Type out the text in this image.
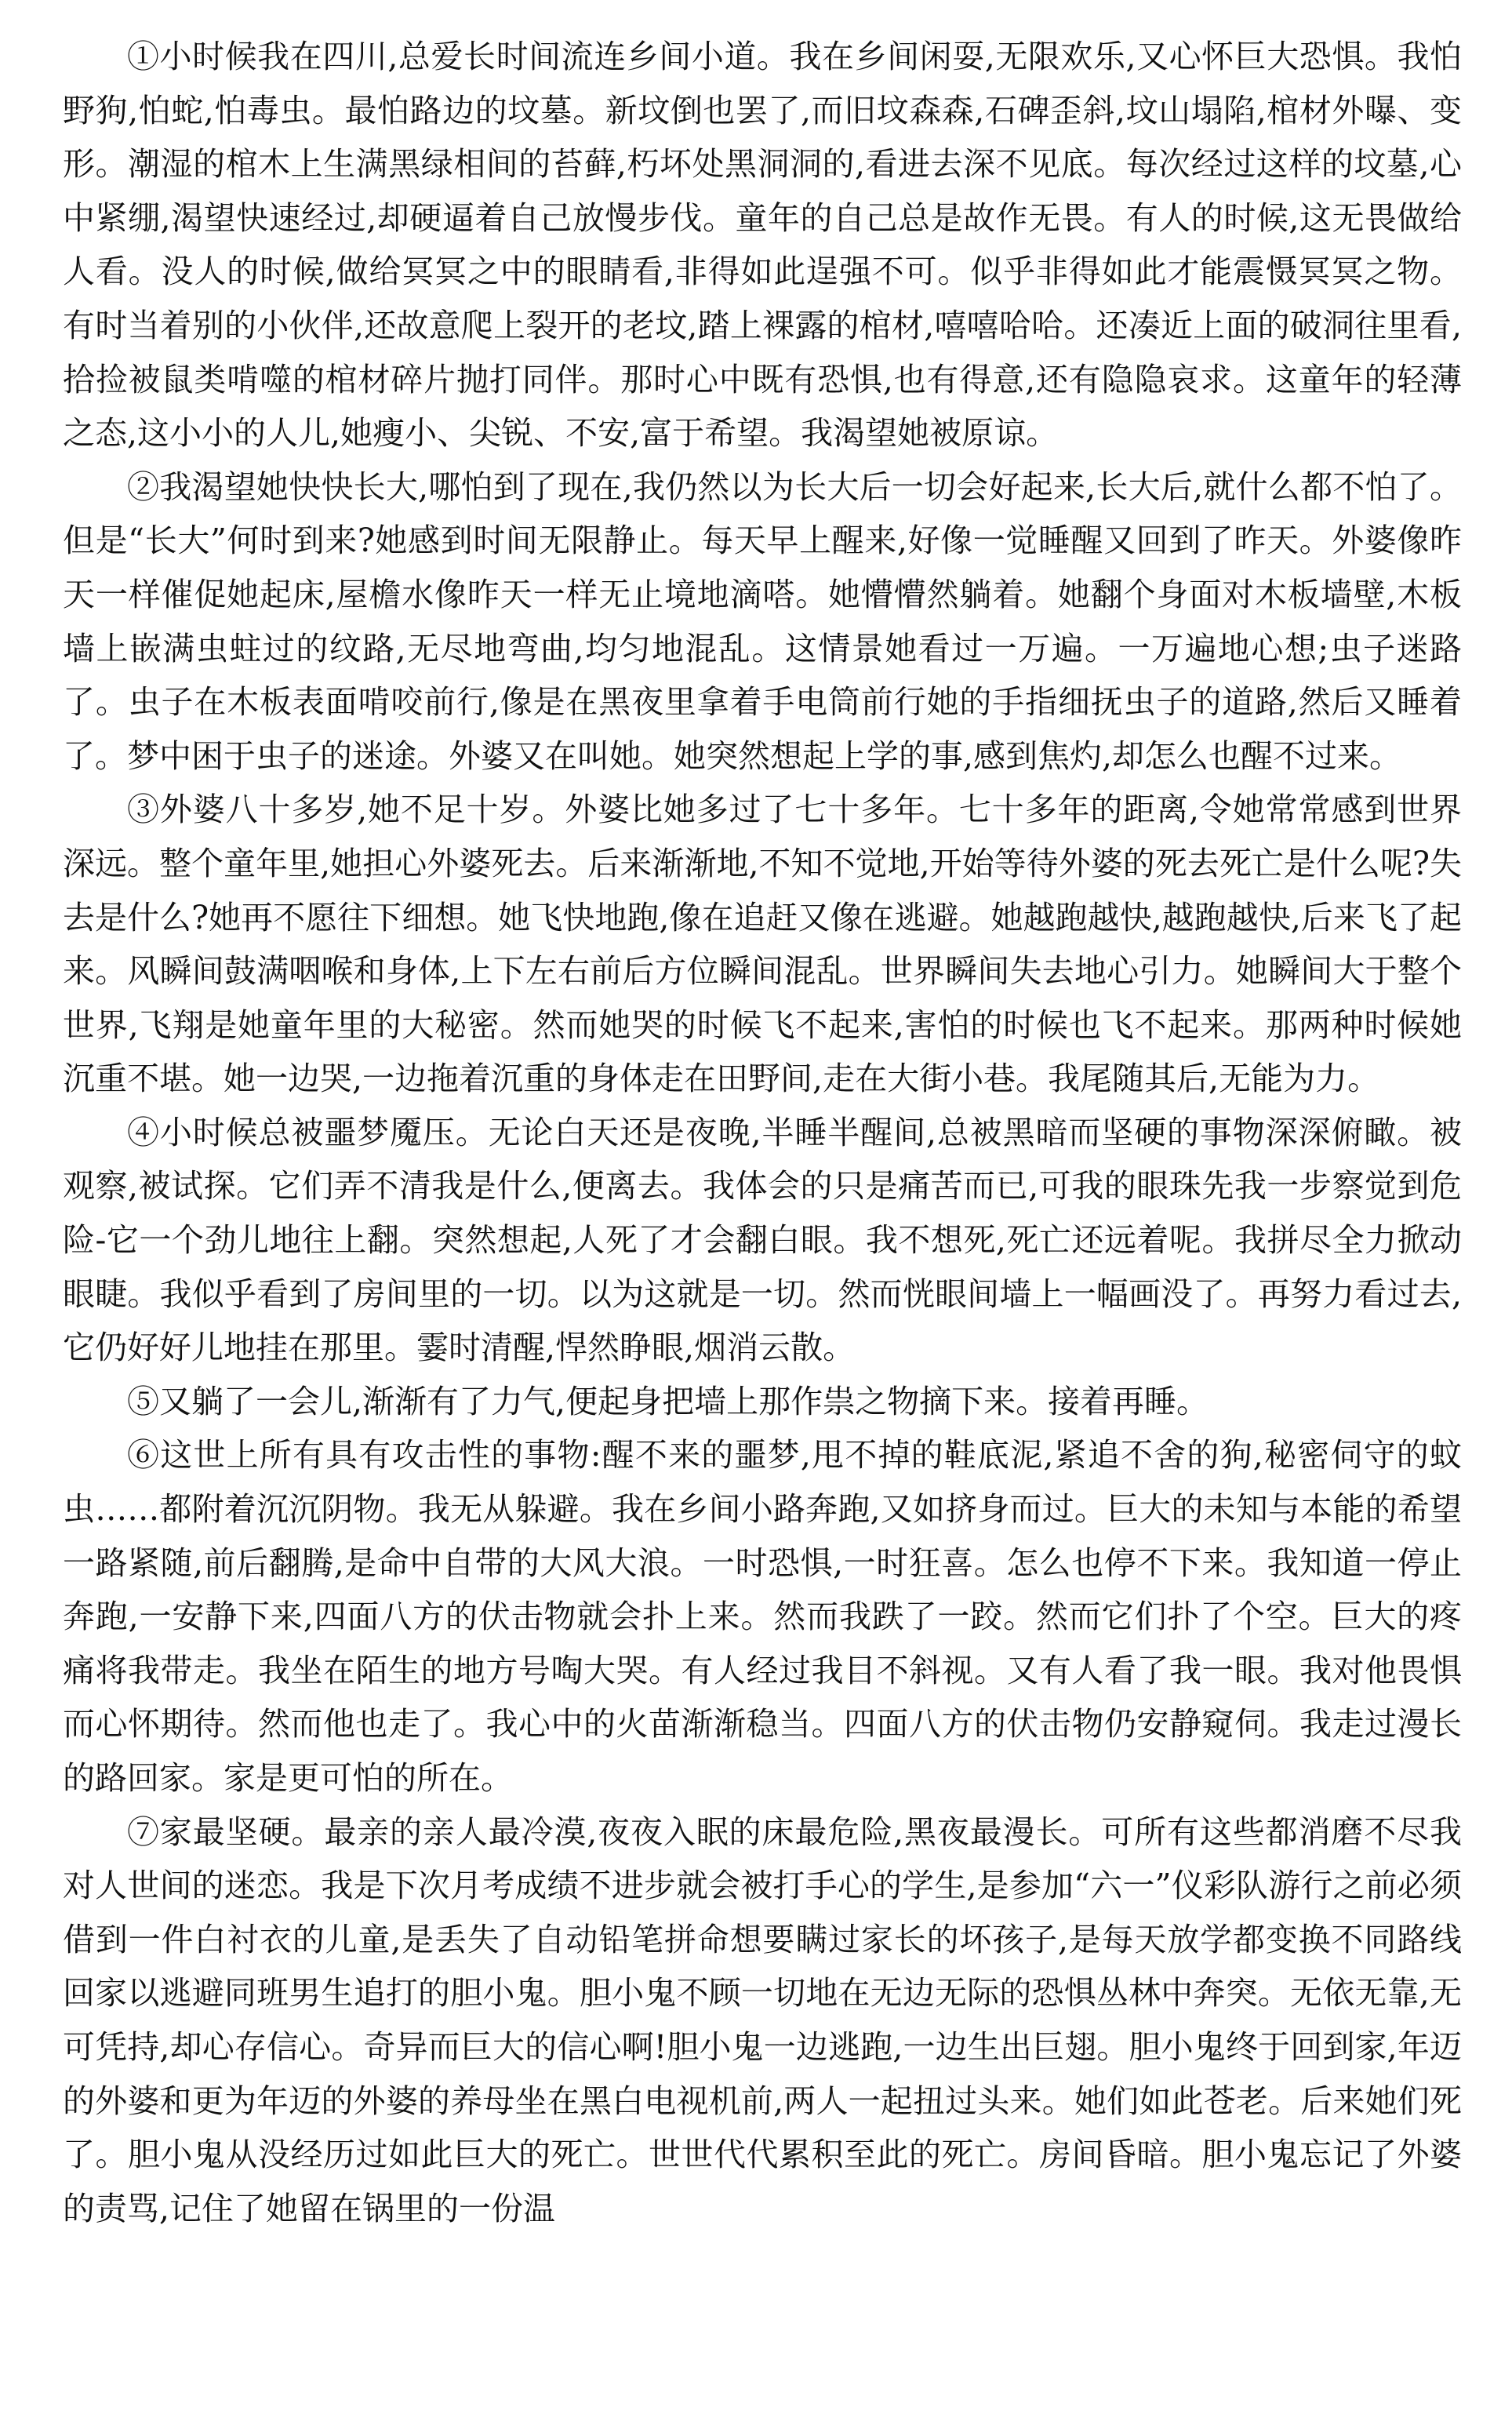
①小时候我在四川,总爱长时间流连乡间小道。我在乡间闲耍,无限欢乐,又心怀巨大恐惧。我怕野狗,怕蛇,怕毒虫。最怕路边的坟墓。新坟倒也罢了,而旧坟森森,石碑歪斜,坟山塌陷,棺材外曝、变形。潮湿的棺木上生满黑绿相间的苔藓,朽坏处黑洞洞的,看进去深不见底。每次经过这样的坟墓,心中紧绷,渴望快速经过,却硬逼着自己放慢步伐。童年的自己总是故作无畏。有人的时候,这无畏做给人看。没人的时候,做给冥冥之中的眼睛看,非得如此逞强不可。似乎非得如此才能震慑冥冥之物。有时当着别的小伙伴,还故意爬上裂开的老坟,踏上裸露的棺材,嘻嘻哈哈。还凑近上面的破洞往里看,拾捡被鼠类啃噬的棺材碎片抛打同伴。那时心中既有恐惧,也有得意,还有隐隐哀求。这童年的轻薄之态,这小小的人儿,她瘦小、尖锐、不安,富于希望。我渴望她被原谅。

②我渴望她快快长大,哪怕到了现在,我仍然以为长大后一切会好起来,长大后,就什么都不怕了。但是“长大”何时到来?她感到时间无限静止。每天早上醒来,好像一觉睡醒又回到了昨天。外婆像昨天一样催促她起床,屋檐水像昨天一样无止境地滴嗒。她懵懵然躺着。她翻个身面对木板墙壁,木板墙上嵌满虫蛀过的纹路,无尽地弯曲,均匀地混乱。这情景她看过一万遍。一万遍地心想;虫子迷路了。虫子在木板表面啃咬前行,像是在黑夜里拿着手电筒前行她的手指细抚虫子的道路,然后又睡着了。梦中困于虫子的迷途。外婆又在叫她。她突然想起上学的事,感到焦灼,却怎么也醒不过来。

③外婆八十多岁,她不足十岁。外婆比她多过了七十多年。七十多年的距离,令她常常感到世界深远。整个童年里,她担心外婆死去。后来渐渐地,不知不觉地,开始等待外婆的死去死亡是什么呢?失去是什么?她再不愿往下细想。她飞快地跑,像在追赶又像在逃避。她越跑越快,越跑越快,后来飞了起来。风瞬间鼓满咽喉和身体,上下左右前后方位瞬间混乱。世界瞬间失去地心引力。她瞬间大于整个世界,飞翔是她童年里的大秘密。然而她哭的时候飞不起来,害怕的时候也飞不起来。那两种时候她沉重不堪。她一边哭,一边拖着沉重的身体走在田野间,走在大街小巷。我尾随其后,无能为力。

④小时候总被噩梦魇压。无论白天还是夜晚,半睡半醒间,总被黑暗而坚硬的事物深深俯瞰。被观察,被试探。它们弄不清我是什么,便离去。我体会的只是痛苦而已,可我的眼珠先我一步察觉到危险-它一个劲儿地往上翻。突然想起,人死了才会翻白眼。我不想死,死亡还远着呢。我拼尽全力掀动眼睫。我似乎看到了房间里的一切。以为这就是一切。然而恍眼间墙上一幅画没了。再努力看过去,它仍好好儿地挂在那里。霎时清醒,悍然睁眼,烟消云散。

⑤又躺了一会儿,渐渐有了力气,便起身把墙上那作祟之物摘下来。接着再睡。

⑥这世上所有具有攻击性的事物:醒不来的噩梦,甩不掉的鞋底泥,紧追不舍的狗,秘密伺守的蚊虫……都附着沉沉阴物。我无从躲避。我在乡间小路奔跑,又如挤身而过。巨大的未知与本能的希望一路紧随,前后翻腾,是命中自带的大风大浪。一时恐惧,一时狂喜。怎么也停不下来。我知道一停止奔跑,一安静下来,四面八方的伏击物就会扑上来。然而我跌了一跤。然而它们扑了个空。巨大的疼痛将我带走。我坐在陌生的地方号啕大哭。有人经过我目不斜视。又有人看了我一眼。我对他畏惧而心怀期待。然而他也走了。我心中的火苗渐渐稳当。四面八方的伏击物仍安静窥伺。我走过漫长的路回家。家是更可怕的所在。

⑦家最坚硬。最亲的亲人最冷漠,夜夜入眠的床最危险,黑夜最漫长。可所有这些都消磨不尽我对人世间的迷恋。我是下次月考成绩不进步就会被打手心的学生,是参加“六一”仪彩队游行之前必须借到一件白衬衣的儿童,是丢失了自动铅笔拼命想要瞒过家长的坏孩子,是每天放学都变换不同路线回家以逃避同班男生追打的胆小鬼。胆小鬼不顾一切地在无边无际的恐惧丛林中奔突。无依无靠,无可凭持,却心存信心。奇异而巨大的信心啊!胆小鬼一边逃跑,一边生出巨翅。胆小鬼终于回到家,年迈的外婆和更为年迈的外婆的养母坐在黑白电视机前,两人一起扭过头来。她们如此苍老。后来她们死了。胆小鬼从没经历过如此巨大的死亡。世世代代累积至此的死亡。房间昏暗。胆小鬼忘记了外婆的责骂,记住了她留在锅里的一份温
